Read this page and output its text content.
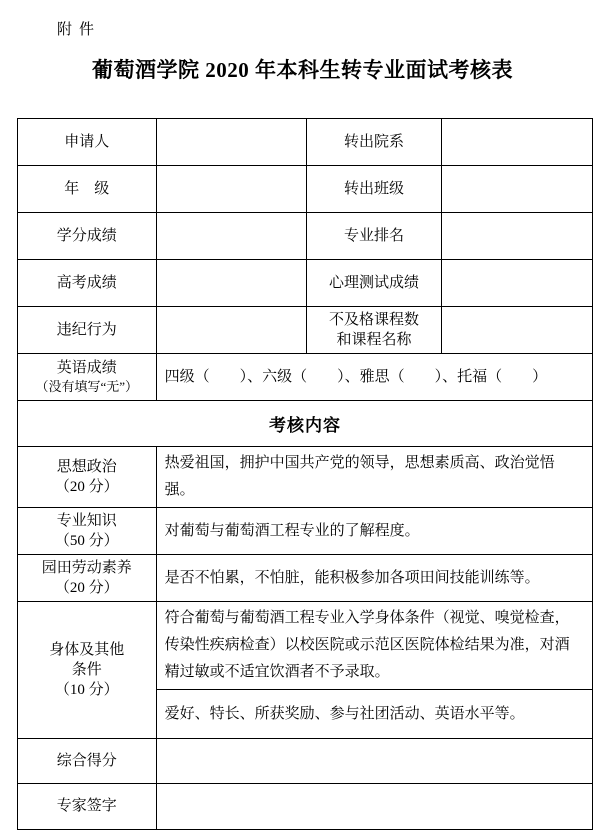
附件
葡萄酒学院 2020 年本科生转专业面试考核表
申请人		转出院系	
年　级		转出班级	
学分成绩		专业排名	
高考成绩		心理测试成绩	
违纪行为		不及格课程数
和课程名称	

英语成绩
（没有填写“无”）	四级（　　）、六级（　　）、雅思（　　）、托福（　　）		
考核内容			

思想政治
（20 分）	热爱祖国，拥护中国共产党的领导，思想素质高、政治觉悟强。		

专业知识
（50 分）	对葡萄与葡萄酒工程专业的了解程度。		

园田劳动素养
（20 分）	是否不怕累，不怕脏，能积极参加各项田间技能训练等。		

身体及其他
条件
（10 分）	符合葡萄与葡萄酒工程专业入学身体条件（视觉、嗅觉检查，传染性疾病检查）以校医院或示范区医院体检结果为准，对酒精过敏或不适宜饮酒者不予录取。		
	爱好、特长、所获奖励、参与社团活动、英语水平等。		
综合得分			
专家签字			
